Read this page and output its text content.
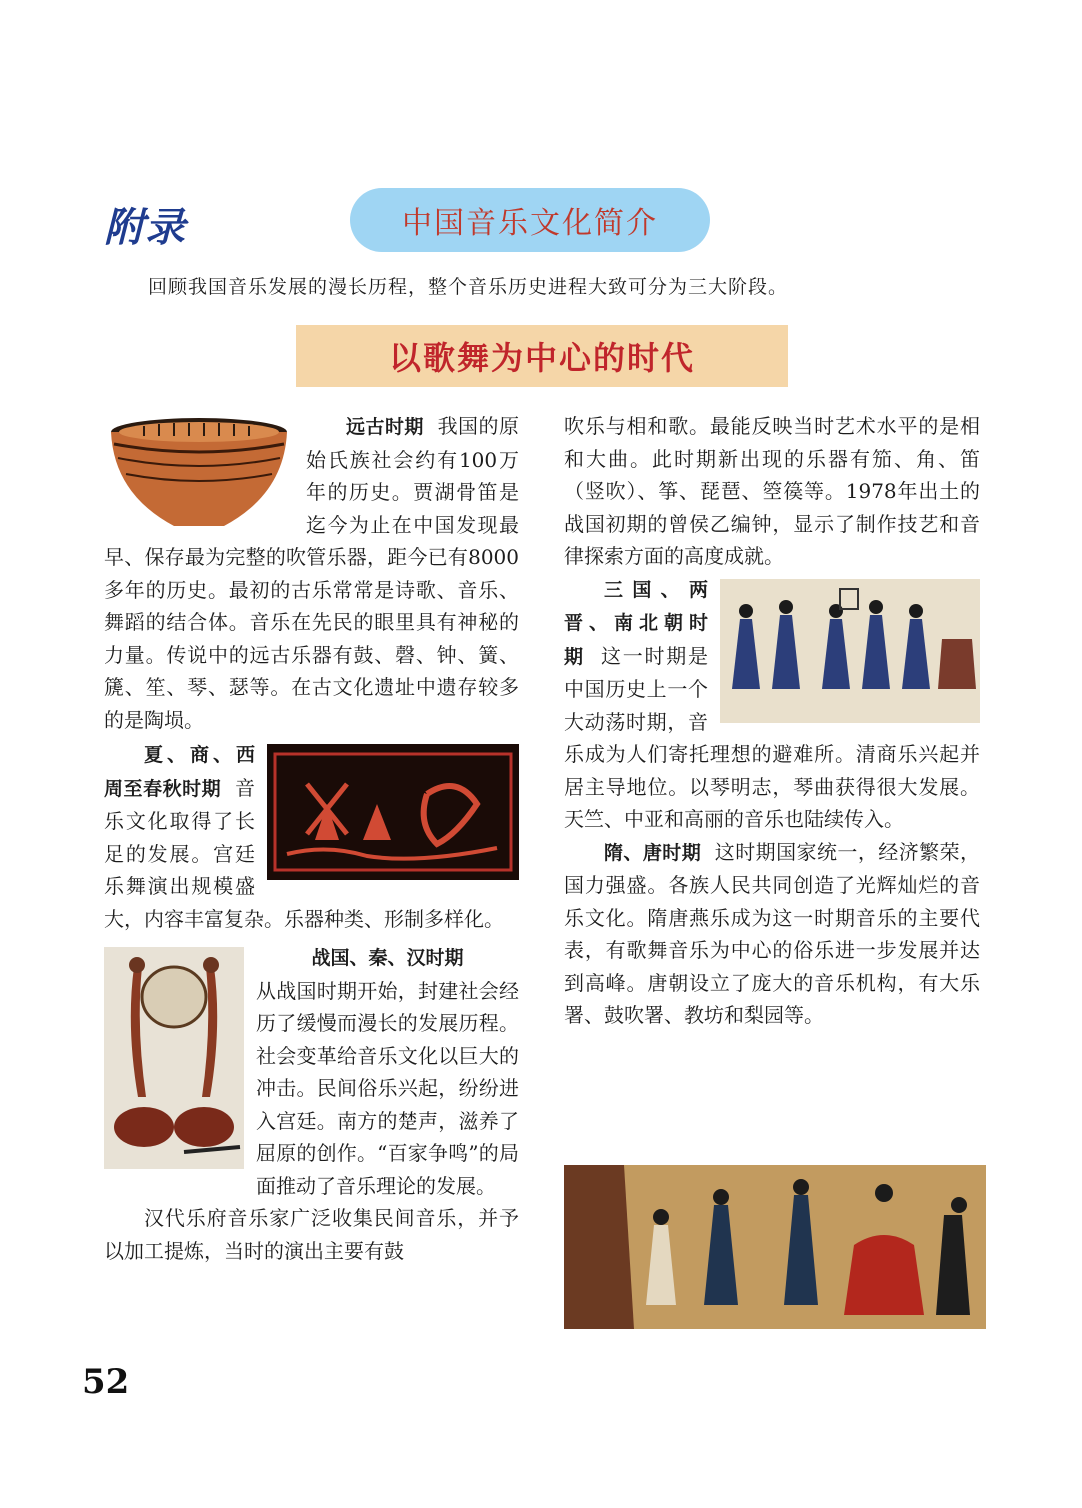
附录	中国音乐文化简介
回顾我国音乐发展的漫长历程，整个音乐历史进程大致可分为三大阶段。
以歌舞为中心的时代
远古时期 我国的原始氏族社会约有100万年的历史。贾湖骨笛是迄今为止在中国发现最早、保存最为完整的吹管乐器，距今已有8000多年的历史。最初的古乐常常是诗歌、音乐、舞蹈的结合体。音乐在先民的眼里具有神秘的力量。传说中的远古乐器有鼓、磬、钟、簧、篪、笙、琴、瑟等。在古文化遗址中遗存较多的是陶埙。
夏、商、西周至春秋时期 音乐文化取得了长足的发展。宫廷乐舞演出规模盛大，内容丰富复杂。乐器种类、形制多样化。
战国、秦、汉时期
从战国时期开始，封建社会经历了缓慢而漫长的发展历程。社会变革给音乐文化以巨大的冲击。民间俗乐兴起，纷纷进入宫廷。南方的楚声，滋养了屈原的创作。“百家争鸣”的局面推动了音乐理论的发展。
汉代乐府音乐家广泛收集民间音乐，并予以加工提炼，当时的演出主要有鼓
吹乐与相和歌。最能反映当时艺术水平的是相和大曲。此时期新出现的乐器有笳、角、笛（竖吹）、筝、琵琶、箜篌等。1978年出土的战国初期的曾侯乙编钟，显示了制作技艺和音律探索方面的高度成就。
三国、两晋、南北朝时期 这一时期是中国历史上一个大动荡时期，音乐成为人们寄托理想的避难所。清商乐兴起并居主导地位。以琴明志，琴曲获得很大发展。天竺、中亚和高丽的音乐也陆续传入。
隋、唐时期 这时期国家统一，经济繁荣，国力强盛。各族人民共同创造了光辉灿烂的音乐文化。隋唐燕乐成为这一时期音乐的主要代表，有歌舞音乐为中心的俗乐进一步发展并达到高峰。唐朝设立了庞大的音乐机构，有大乐署、鼓吹署、教坊和梨园等。
52
